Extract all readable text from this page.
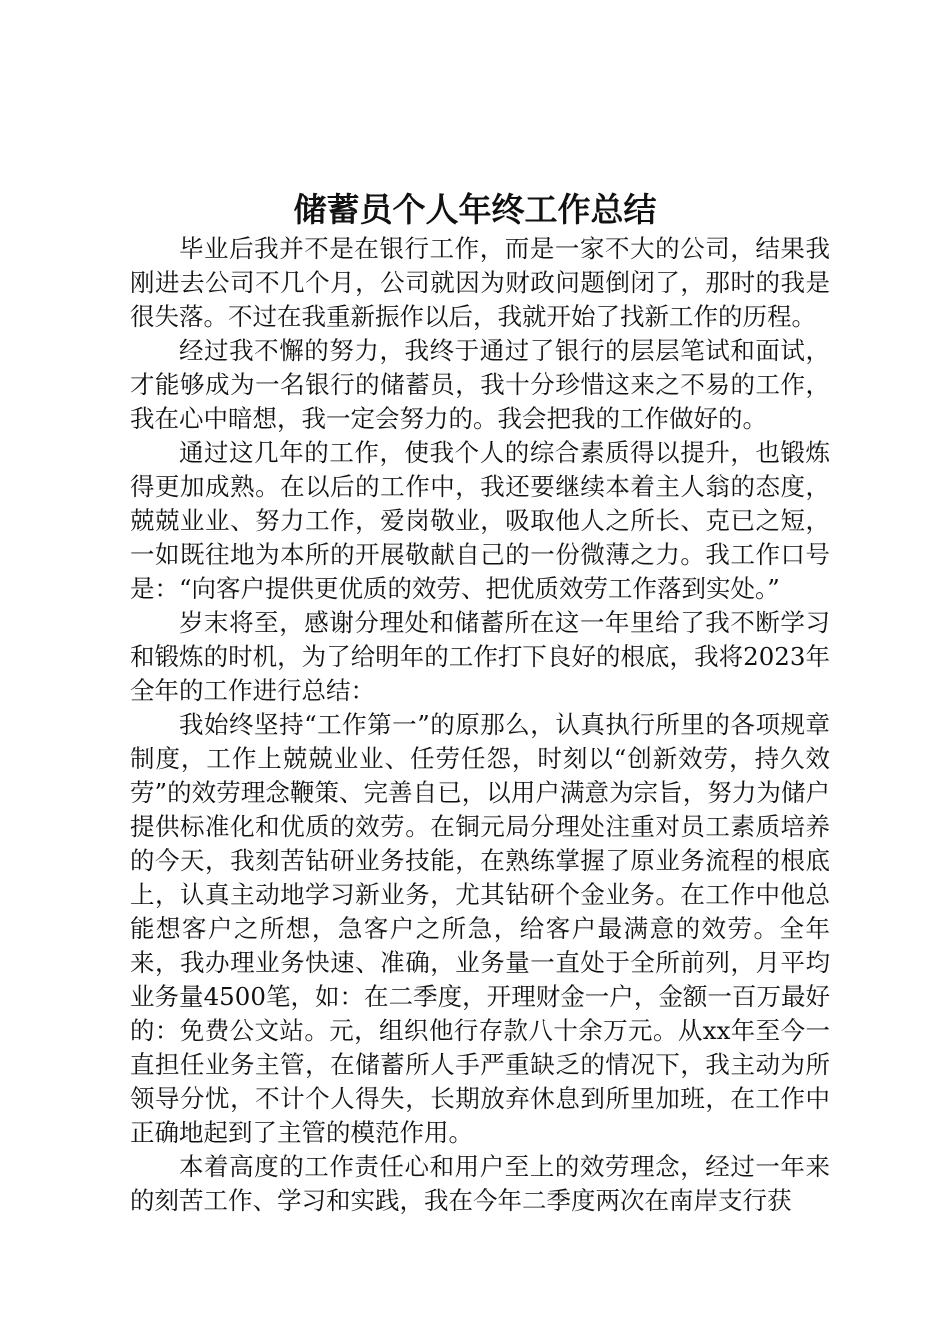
储蓄员个人年终工作总结

毕业后我并不是在银行工作，而是一家不大的公司，结果我刚进去公司不几个月，公司就因为财政问题倒闭了，那时的我是很失落。不过在我重新振作以后，我就开始了找新工作的历程。

经过我不懈的努力，我终于通过了银行的层层笔试和面试，才能够成为一名银行的储蓄员，我十分珍惜这来之不易的工作，我在心中暗想，我一定会努力的。我会把我的工作做好的。

通过这几年的工作，使我个人的综合素质得以提升，也锻炼得更加成熟。在以后的工作中，我还要继续本着主人翁的态度，兢兢业业、努力工作，爱岗敬业，吸取他人之所长、克已之短，一如既往地为本所的开展敬献自己的一份微薄之力。我工作口号是：“向客户提供更优质的效劳、把优质效劳工作落到实处。”

岁末将至，感谢分理处和储蓄所在这一年里给了我不断学习和锻炼的时机，为了给明年的工作打下良好的根底，我将2023年全年的工作进行总结：

我始终坚持“工作第一”的原那么，认真执行所里的各项规章制度，工作上兢兢业业、任劳任怨，时刻以“创新效劳，持久效劳”的效劳理念鞭策、完善自已，以用户满意为宗旨，努力为储户提供标准化和优质的效劳。在铜元局分理处注重对员工素质培养的今天，我刻苦钻研业务技能，在熟练掌握了原业务流程的根底上，认真主动地学习新业务，尤其钻研个金业务。在工作中他总能想客户之所想，急客户之所急，给客户最满意的效劳。全年来，我办理业务快速、准确，业务量一直处于全所前列，月平均业务量4500笔，如：在二季度，开理财金一户，金额一百万最好的：免费公文站。元，组织他行存款八十余万元。从xx年至今一直担任业务主管，在储蓄所人手严重缺乏的情况下，我主动为所领导分忧，不计个人得失，长期放弃休息到所里加班，在工作中正确地起到了主管的模范作用。

本着高度的工作责任心和用户至上的效劳理念，经过一年来的刻苦工作、学习和实践，我在今年二季度两次在南岸支行获
